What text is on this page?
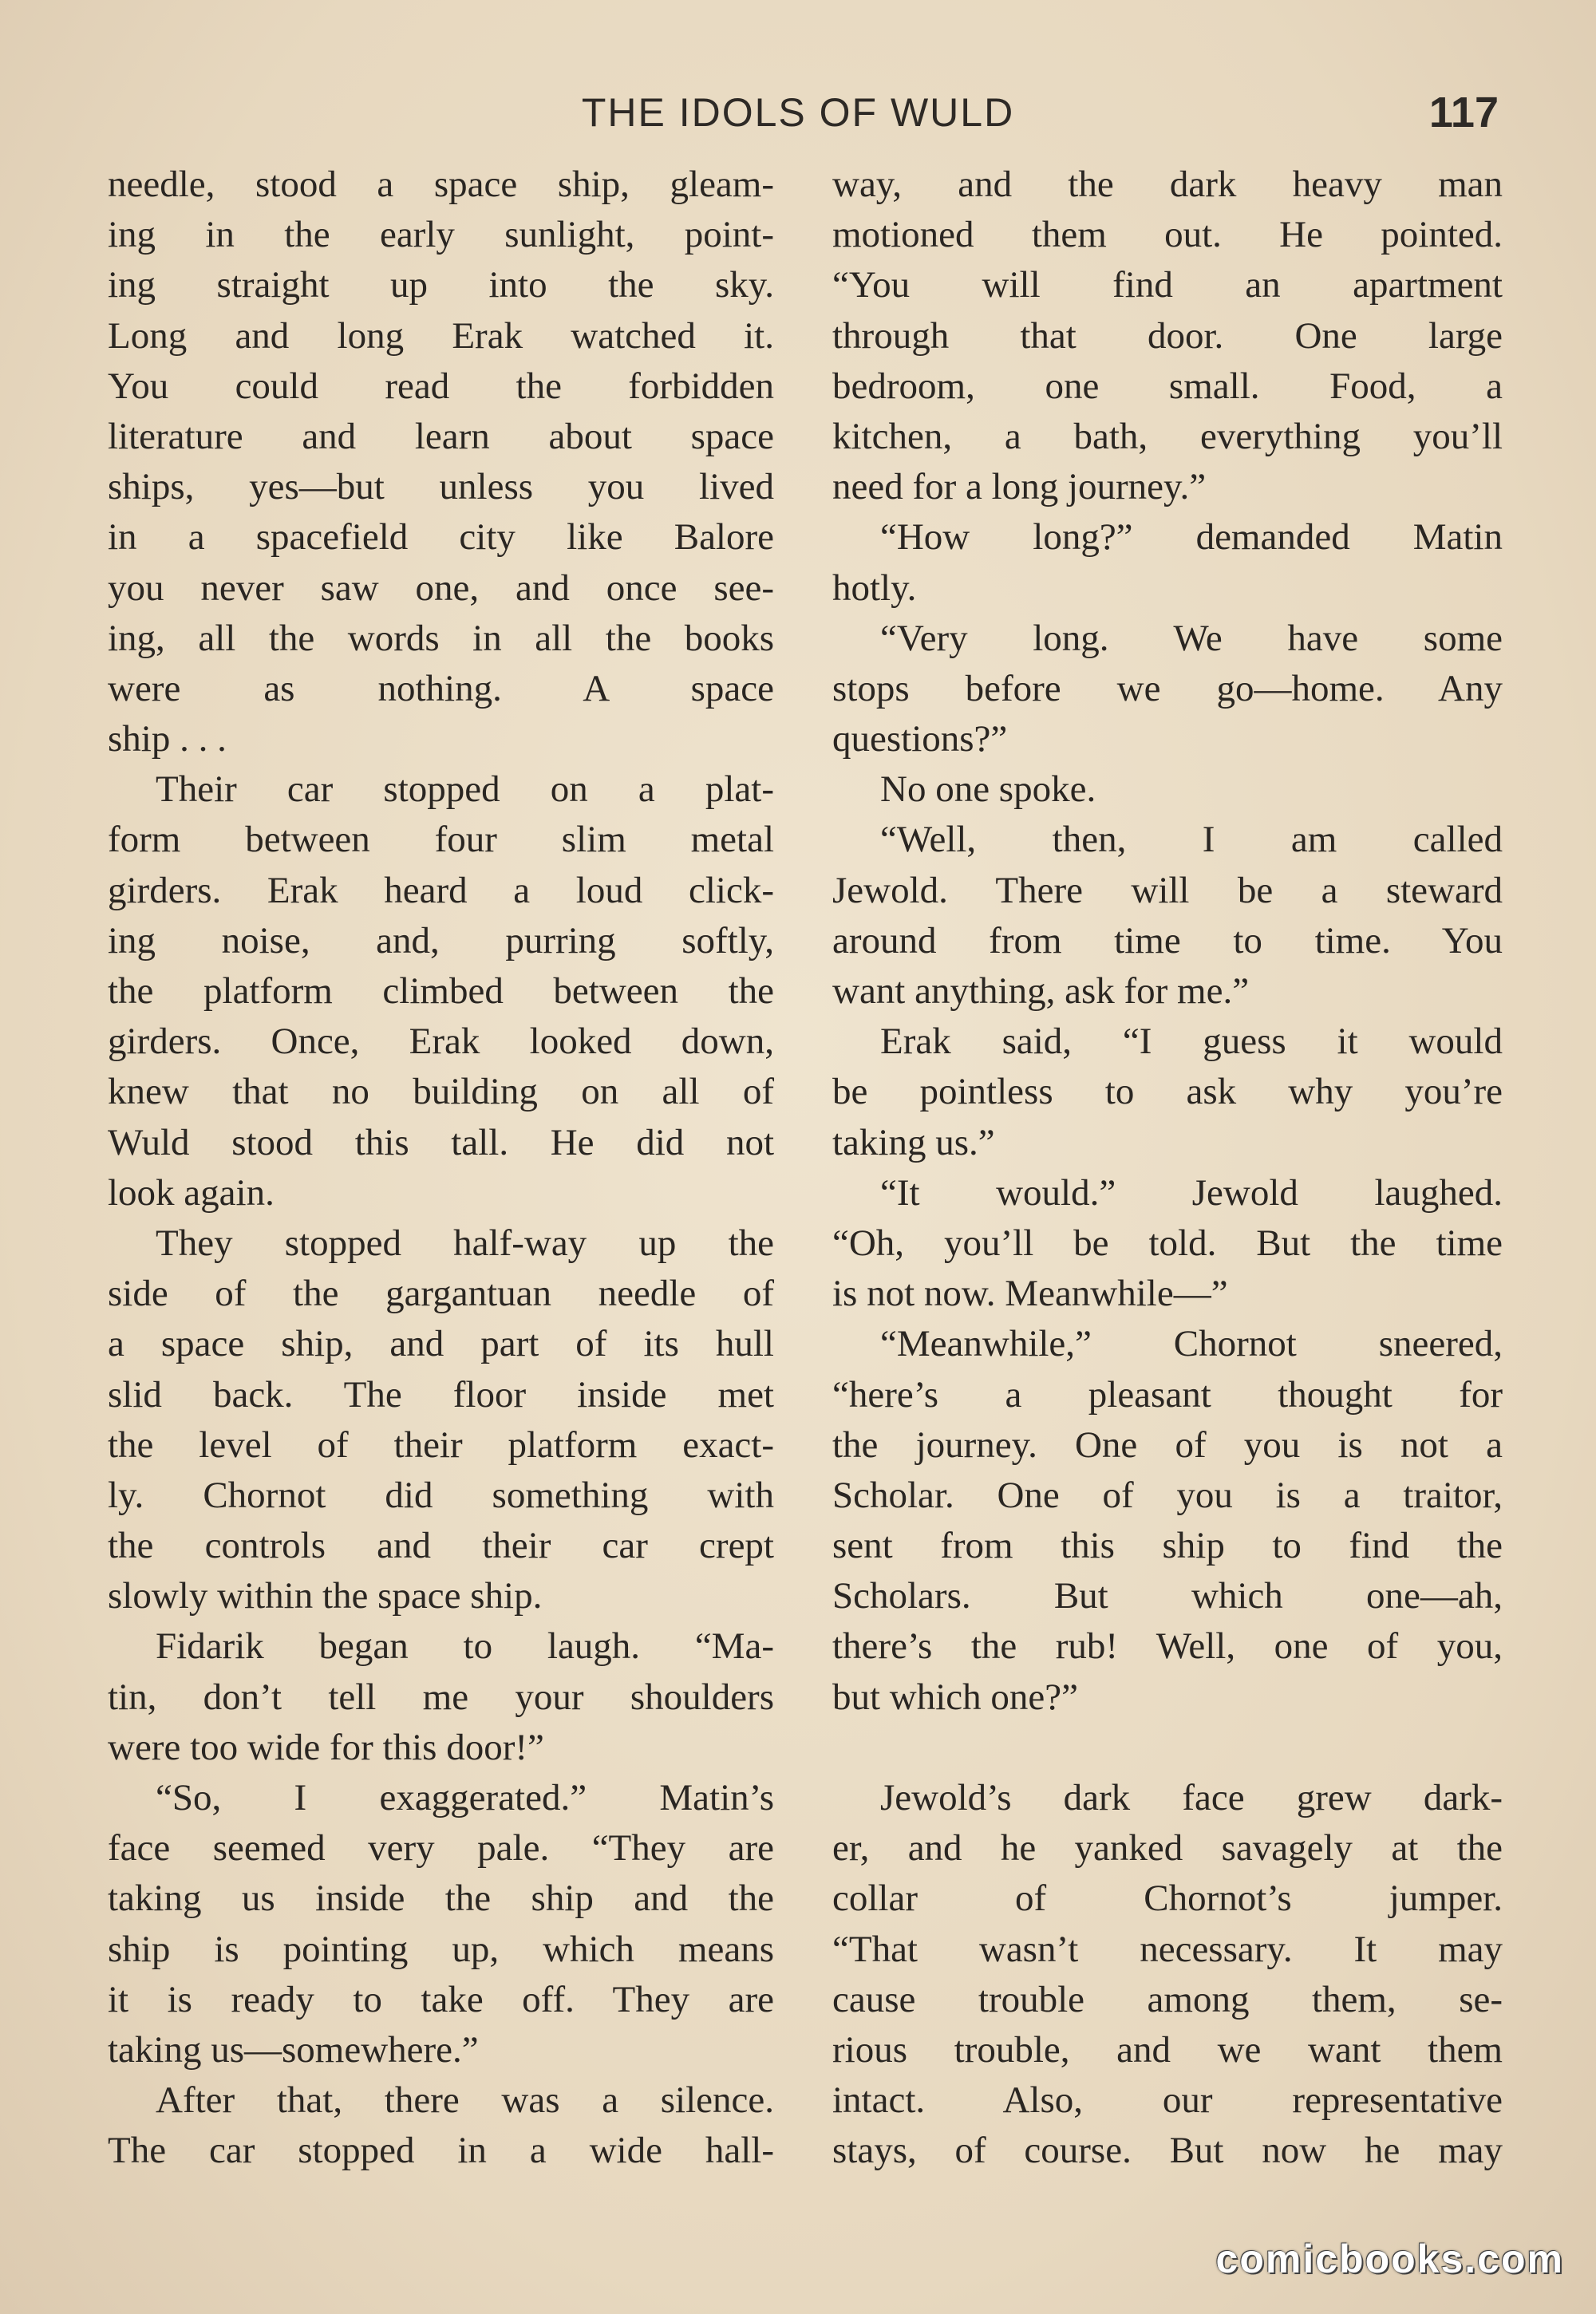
THE IDOLS OF WULD	117
needle, stood a space ship, gleam-
ing in the early sunlight, point-
ing straight up into the sky.
Long and long Erak watched it.
You could read the forbidden
literature and learn about space
ships, yes—but unless you lived
in a spacefield city like Balore
you never saw one, and once see-
ing, all the words in all the books
were as nothing. A space
ship . . .
Their car stopped on a plat-
form between four slim metal
girders. Erak heard a loud click-
ing noise, and, purring softly,
the platform climbed between the
girders. Once, Erak looked down,
knew that no building on all of
Wuld stood this tall. He did not
look again.
They stopped half-way up the
side of the gargantuan needle of
a space ship, and part of its hull
slid back. The floor inside met
the level of their platform exact-
ly. Chornot did something with
the controls and their car crept
slowly within the space ship.
Fidarik began to laugh. “Ma-
tin, don’t tell me your shoulders
were too wide for this door!”
“So, I exaggerated.” Matin’s
face seemed very pale. “They are
taking us inside the ship and the
ship is pointing up, which means
it is ready to take off. They are
taking us—somewhere.”
After that, there was a silence.
The car stopped in a wide hall-
way, and the dark heavy man
motioned them out. He pointed.
“You will find an apartment
through that door. One large
bedroom, one small. Food, a
kitchen, a bath, everything you’ll
need for a long journey.”
“How long?” demanded Matin
hotly.
“Very long. We have some
stops before we go—home. Any
questions?”
No one spoke.
“Well, then, I am called
Jewold. There will be a steward
around from time to time. You
want anything, ask for me.”
Erak said, “I guess it would
be pointless to ask why you’re
taking us.”
“It would.” Jewold laughed.
“Oh, you’ll be told. But the time
is not now. Meanwhile—”
“Meanwhile,” Chornot sneered,
“here’s a pleasant thought for
the journey. One of you is not a
Scholar. One of you is a traitor,
sent from this ship to find the
Scholars. But which one—ah,
there’s the rub! Well, one of you,
but which one?”
Jewold’s dark face grew dark-
er, and he yanked savagely at the
collar of Chornot’s jumper.
“That wasn’t necessary. It may
cause trouble among them, se-
rious trouble, and we want them
intact. Also, our representative
stays, of course. But now he may
comicbooks.com
